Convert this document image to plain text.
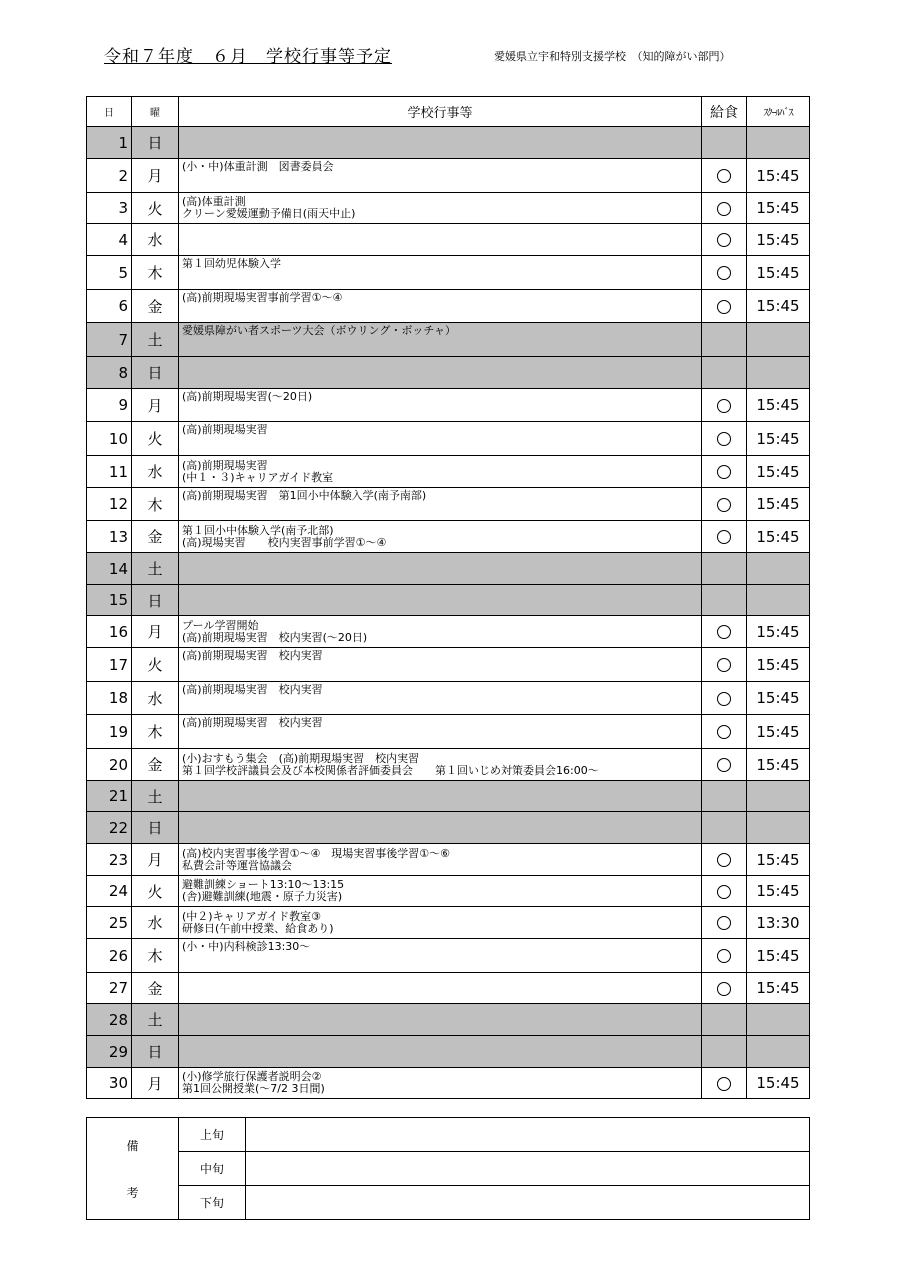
令和７年度　６月　学校行事等予定	愛媛県立宇和特別支援学校　（知的障がい部門）
日	曜	学校行事等	給食	ｽｸｰﾙﾊﾞｽ
1	日	

2	月	(小・中)体重計測　図書委員会		15:45
3	火	(高)体重計測
クリーン愛媛運動予備日(雨天中止)		15:45
4	水			15:45
5	木	第１回幼児体験入学		15:45
6	金	(高)前期現場実習事前学習①～④		15:45
7	土	愛媛県障がい者スポーツ大会（ボウリング・ボッチャ）		

8	日	

9	月	(高)前期現場実習(～20日)		15:45
10	火	(高)前期現場実習		15:45
11	水	(高)前期現場実習
(中１・３)キャリアガイド教室		15:45
12	木	(高)前期現場実習　第1回小中体験入学(南予南部)		15:45
13	金	第１回小中体験入学(南予北部)
(高)現場実習　　校内実習事前学習①～④		15:45
14	土	

15	日	

16	月	プール学習開始
(高)前期現場実習　校内実習(～20日)		15:45
17	火	(高)前期現場実習　校内実習		15:45
18	水	(高)前期現場実習　校内実習		15:45
19	木	(高)前期現場実習　校内実習		15:45
20	金	(小)おすもう集会　(高)前期現場実習　校内実習
第１回学校評議員会及び本校関係者評価委員会　　第１回いじめ対策委員会16:00～		15:45
21	土	

22	日	

23	月	(高)校内実習事後学習①～④　現場実習事後学習①～⑥
私費会計等運営協議会		15:45
24	火	避難訓練ショート13:10～13:15
(舎)避難訓練(地震・原子力災害)		15:45
25	水	(中２)キャリアガイド教室③
研修日(午前中授業、給食あり)		13:30
26	木	(小・中)内科検診13:30～		15:45
27	金			15:45
28	土	

29	日	

30	月	(小)修学旅行保護者説明会②
第1回公開授業(～7/2 3日間)		15:45
備
考	上旬	
	中旬	
	下旬	
